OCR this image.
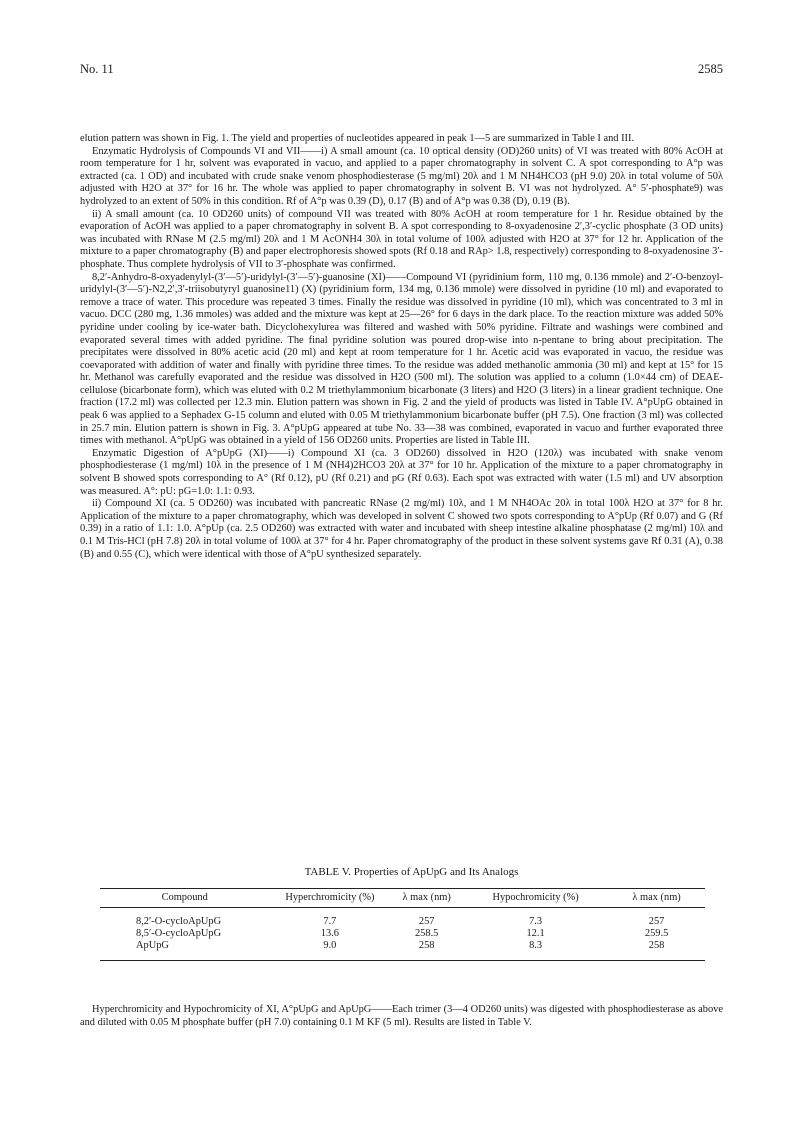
No. 11	2585

elution pattern was shown in Fig. 1. The yield and properties of nucleotides appeared in peak 1—5 are summarized in Table I and III.

Enzymatic Hydrolysis of Compounds VI and VII——i) A small amount (ca. 10 optical density (OD)260 units) of VI was treated with 80% AcOH at room temperature for 1 hr, solvent was evaporated in vacuo, and applied to a paper chromatography in solvent C. A spot corresponding to A°p was extracted (ca. 1 OD) and incubated with crude snake venom phosphodiesterase (5 mg/ml) 20λ and 1 M NH4HCO3 (pH 9.0) 20λ in total volume of 50λ adjusted with H2O at 37° for 16 hr. The whole was applied to paper chromatography in solvent B. VI was not hydrolyzed. A° 5′-phosphate9) was hydrolyzed to an extent of 50% in this condition. Rf of A°p was 0.39 (D), 0.17 (B) and of A°p was 0.38 (D), 0.19 (B).

ii) A small amount (ca. 10 OD260 units) of compound VII was treated with 80% AcOH at room temperature for 1 hr. Residue obtained by the evaporation of AcOH was applied to a paper chromatography in solvent B. A spot corresponding to 8-oxyadenosine 2′,3′-cyclic phosphate (3 OD units) was incubated with RNase M (2.5 mg/ml) 20λ and 1 M AcONH4 30λ in total volume of 100λ adjusted with H2O at 37° for 12 hr. Application of the mixture to a paper chromatography (B) and paper electrophoresis showed spots (Rf 0.18 and RAp> 1.8, respectively) corresponding to 8-oxyadenosine 3′-phosphate. Thus complete hydrolysis of VII to 3′-phosphate was confirmed.

8,2′-Anhydro-8-oxyadenylyl-(3′—5′)-uridylyl-(3′—5′)-guanosine (XI)——Compound VI (pyridinium form, 110 mg, 0.136 mmole) and 2′-O-benzoyl-uridylyl-(3′—5′)-N2,2′,3′-triisobutyryl guanosine11) (X) (pyridinium form, 134 mg, 0.136 mmole) were dissolved in pyridine (10 ml) and evaporated to remove a trace of water. This procedure was repeated 3 times. Finally the residue was dissolved in pyridine (10 ml), which was concentrated to 3 ml in vacuo. DCC (280 mg, 1.36 mmoles) was added and the mixture was kept at 25—26° for 6 days in the dark place. To the reaction mixture was added 50% pyridine under cooling by ice-water bath. Dicyclohexylurea was filtered and washed with 50% pyridine. Filtrate and washings were combined and evaporated several times with added pyridine. The final pyridine solution was poured drop-wise into n-pentane to bring about precipitation. The precipitates were dissolved in 80% acetic acid (20 ml) and kept at room temperature for 1 hr. Acetic acid was evaporated in vacuo, the residue was coevaporated with addition of water and finally with pyridine three times. To the residue was added methanolic ammonia (30 ml) and kept at 15° for 15 hr. Methanol was carefully evaporated and the residue was dissolved in H2O (500 ml). The solution was applied to a column (1.0×44 cm) of DEAE-cellulose (bicarbonate form), which was eluted with 0.2 M triethylammonium bicarbonate (3 liters) and H2O (3 liters) in a linear gradient technique. One fraction (17.2 ml) was collected per 12.3 min. Elution pattern was shown in Fig. 2 and the yield of products was listed in Table IV. A°pUpG obtained in peak 6 was applied to a Sephadex G-15 column and eluted with 0.05 M triethylammonium bicarbonate buffer (pH 7.5). One fraction (3 ml) was collected in 25.7 min. Elution pattern is shown in Fig. 3. A°pUpG appeared at tube No. 33—38 was combined, evaporated in vacuo and further evaporated three times with methanol. A°pUpG was obtained in a yield of 156 OD260 units. Properties are listed in Table III.

Enzymatic Digestion of A°pUpG (XI)——i) Compound XI (ca. 3 OD260) dissolved in H2O (120λ) was incubated with snake venom phosphodiesterase (1 mg/ml) 10λ in the presence of 1 M (NH4)2HCO3 20λ at 37° for 10 hr. Application of the mixture to a paper chromatography in solvent B showed spots corresponding to A° (Rf 0.12), pU (Rf 0.21) and pG (Rf 0.63). Each spot was extracted with water (1.5 ml) and UV absorption was measured. A°: pU: pG=1.0: 1.1: 0.93.

ii) Compound XI (ca. 5 OD260) was incubated with pancreatic RNase (2 mg/ml) 10λ, and 1 M NH4OAc 20λ in total 100λ H2O at 37° for 8 hr. Application of the mixture to a paper chromatography, which was developed in solvent C showed two spots corresponding to A°pUp (Rf 0.07) and G (Rf 0.39) in a ratio of 1.1: 1.0. A°pUp (ca. 2.5 OD260) was extracted with water and incubated with sheep intestine alkaline phosphatase (2 mg/ml) 10λ and 0.1 M Tris-HCl (pH 7.8) 20λ in total volume of 100λ at 37° for 4 hr. Paper chromatography of the product in these solvent systems gave Rf 0.31 (A), 0.38 (B) and 0.55 (C), which were identical with those of A°pU synthesized separately.

TABLE V. Properties of ApUpG and Its Analogs
Compound	Hyperchromicity (%)	λ max (nm)	Hypochromicity (%)	λ max (nm)
8,2′-O-cycloApUpG	7.7	257	7.3	257
8,5′-O-cycloApUpG	13.6	258.5	12.1	259.5
ApUpG	9.0	258	8.3	258

Hyperchromicity and Hypochromicity of XI, A°pUpG and ApUpG——Each trimer (3—4 OD260 units) was digested with phosphodiesterase as above and diluted with 0.05 M phosphate buffer (pH 7.0) containing 0.1 M KF (5 ml). Results are listed in Table V.
